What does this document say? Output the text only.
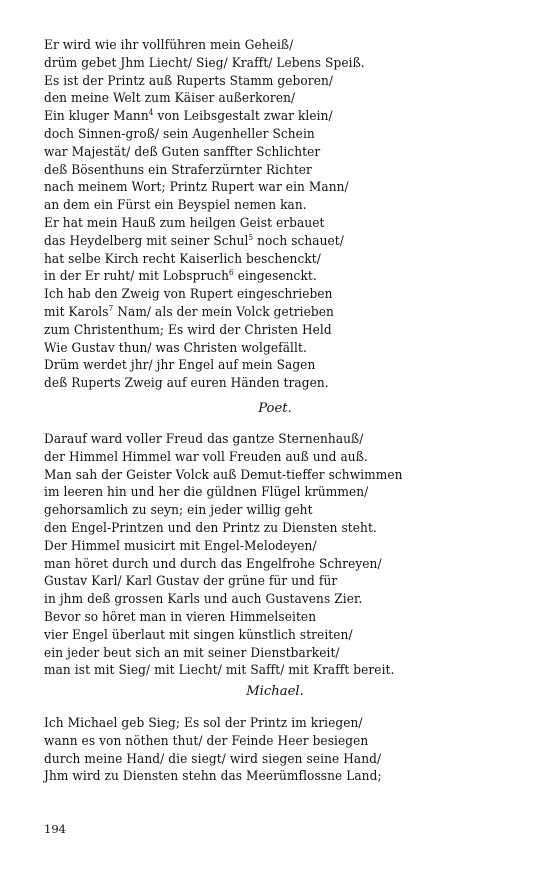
Er wird wie ihr vollführen mein Geheiß/
drüm gebet Jhm Liecht/ Sieg/ Krafft/ Lebens Speiß.
Es ist der Printz auß Ruperts Stamm geboren/
den meine Welt zum Käiser außerkoren/
Ein kluger Mann$^4$ von Leibsgestalt zwar klein/
doch Sinnen-groß/ sein Augenheller Schein
war Majestät/ deß Guten sanffter Schlichter
deß Bösenthuns ein Straferzürnter Richter
nach meinem Wort; Printz Rupert war ein Mann/
an dem ein Fürst ein Beyspiel nemen kan.
Er hat mein Hauß zum heilgen Geist erbauet
das Heydelberg mit seiner Schul$^5$ noch schauet/
hat selbe Kirch recht Kaiserlich beschenckt/
in der Er ruht/ mit Lobspruch$^6$ eingesenckt.
Ich hab den Zweig von Rupert eingeschrieben
mit Karols$^7$ Nam/ als der mein Volck getrieben
zum Christenthum; Es wird der Christen Held
Wie Gustav thun/ was Christen wolgefällt.
Drüm werdet jhr/ jhr Engel auf mein Sagen
deß Ruperts Zweig auf euren Händen tragen.
Poet.
Darauf ward voller Freud das gantze Sternenhauß/
der Himmel Himmel war voll Freuden auß und auß.
Man sah der Geister Volck auß Demut-tieffer schwimmen
im leeren hin und her die güldnen Flügel krümmen/
gehorsamlich zu seyn; ein jeder willig geht
den Engel-Printzen und den Printz zu Diensten steht.
Der Himmel musicirt mit Engel-Melodeyen/
man höret durch und durch das Engelfrohe Schreyen/
Gustav Karl/ Karl Gustav der grüne für und für
in jhm deß grossen Karls und auch Gustavens Zier.
Bevor so höret man in vieren Himmelseiten
vier Engel überlaut mit singen künstlich streiten/
ein jeder beut sich an mit seiner Dienstbarkeit/
man ist mit Sieg/ mit Liecht/ mit Safft/ mit Krafft bereit.
Michael.
Ich Michael geb Sieg; Es sol der Printz im kriegen/
wann es von nöthen thut/ der Feinde Heer besiegen
durch meine Hand/ die siegt/ wird siegen seine Hand/
Jhm wird zu Diensten stehn das Meerümflossne Land;
194
